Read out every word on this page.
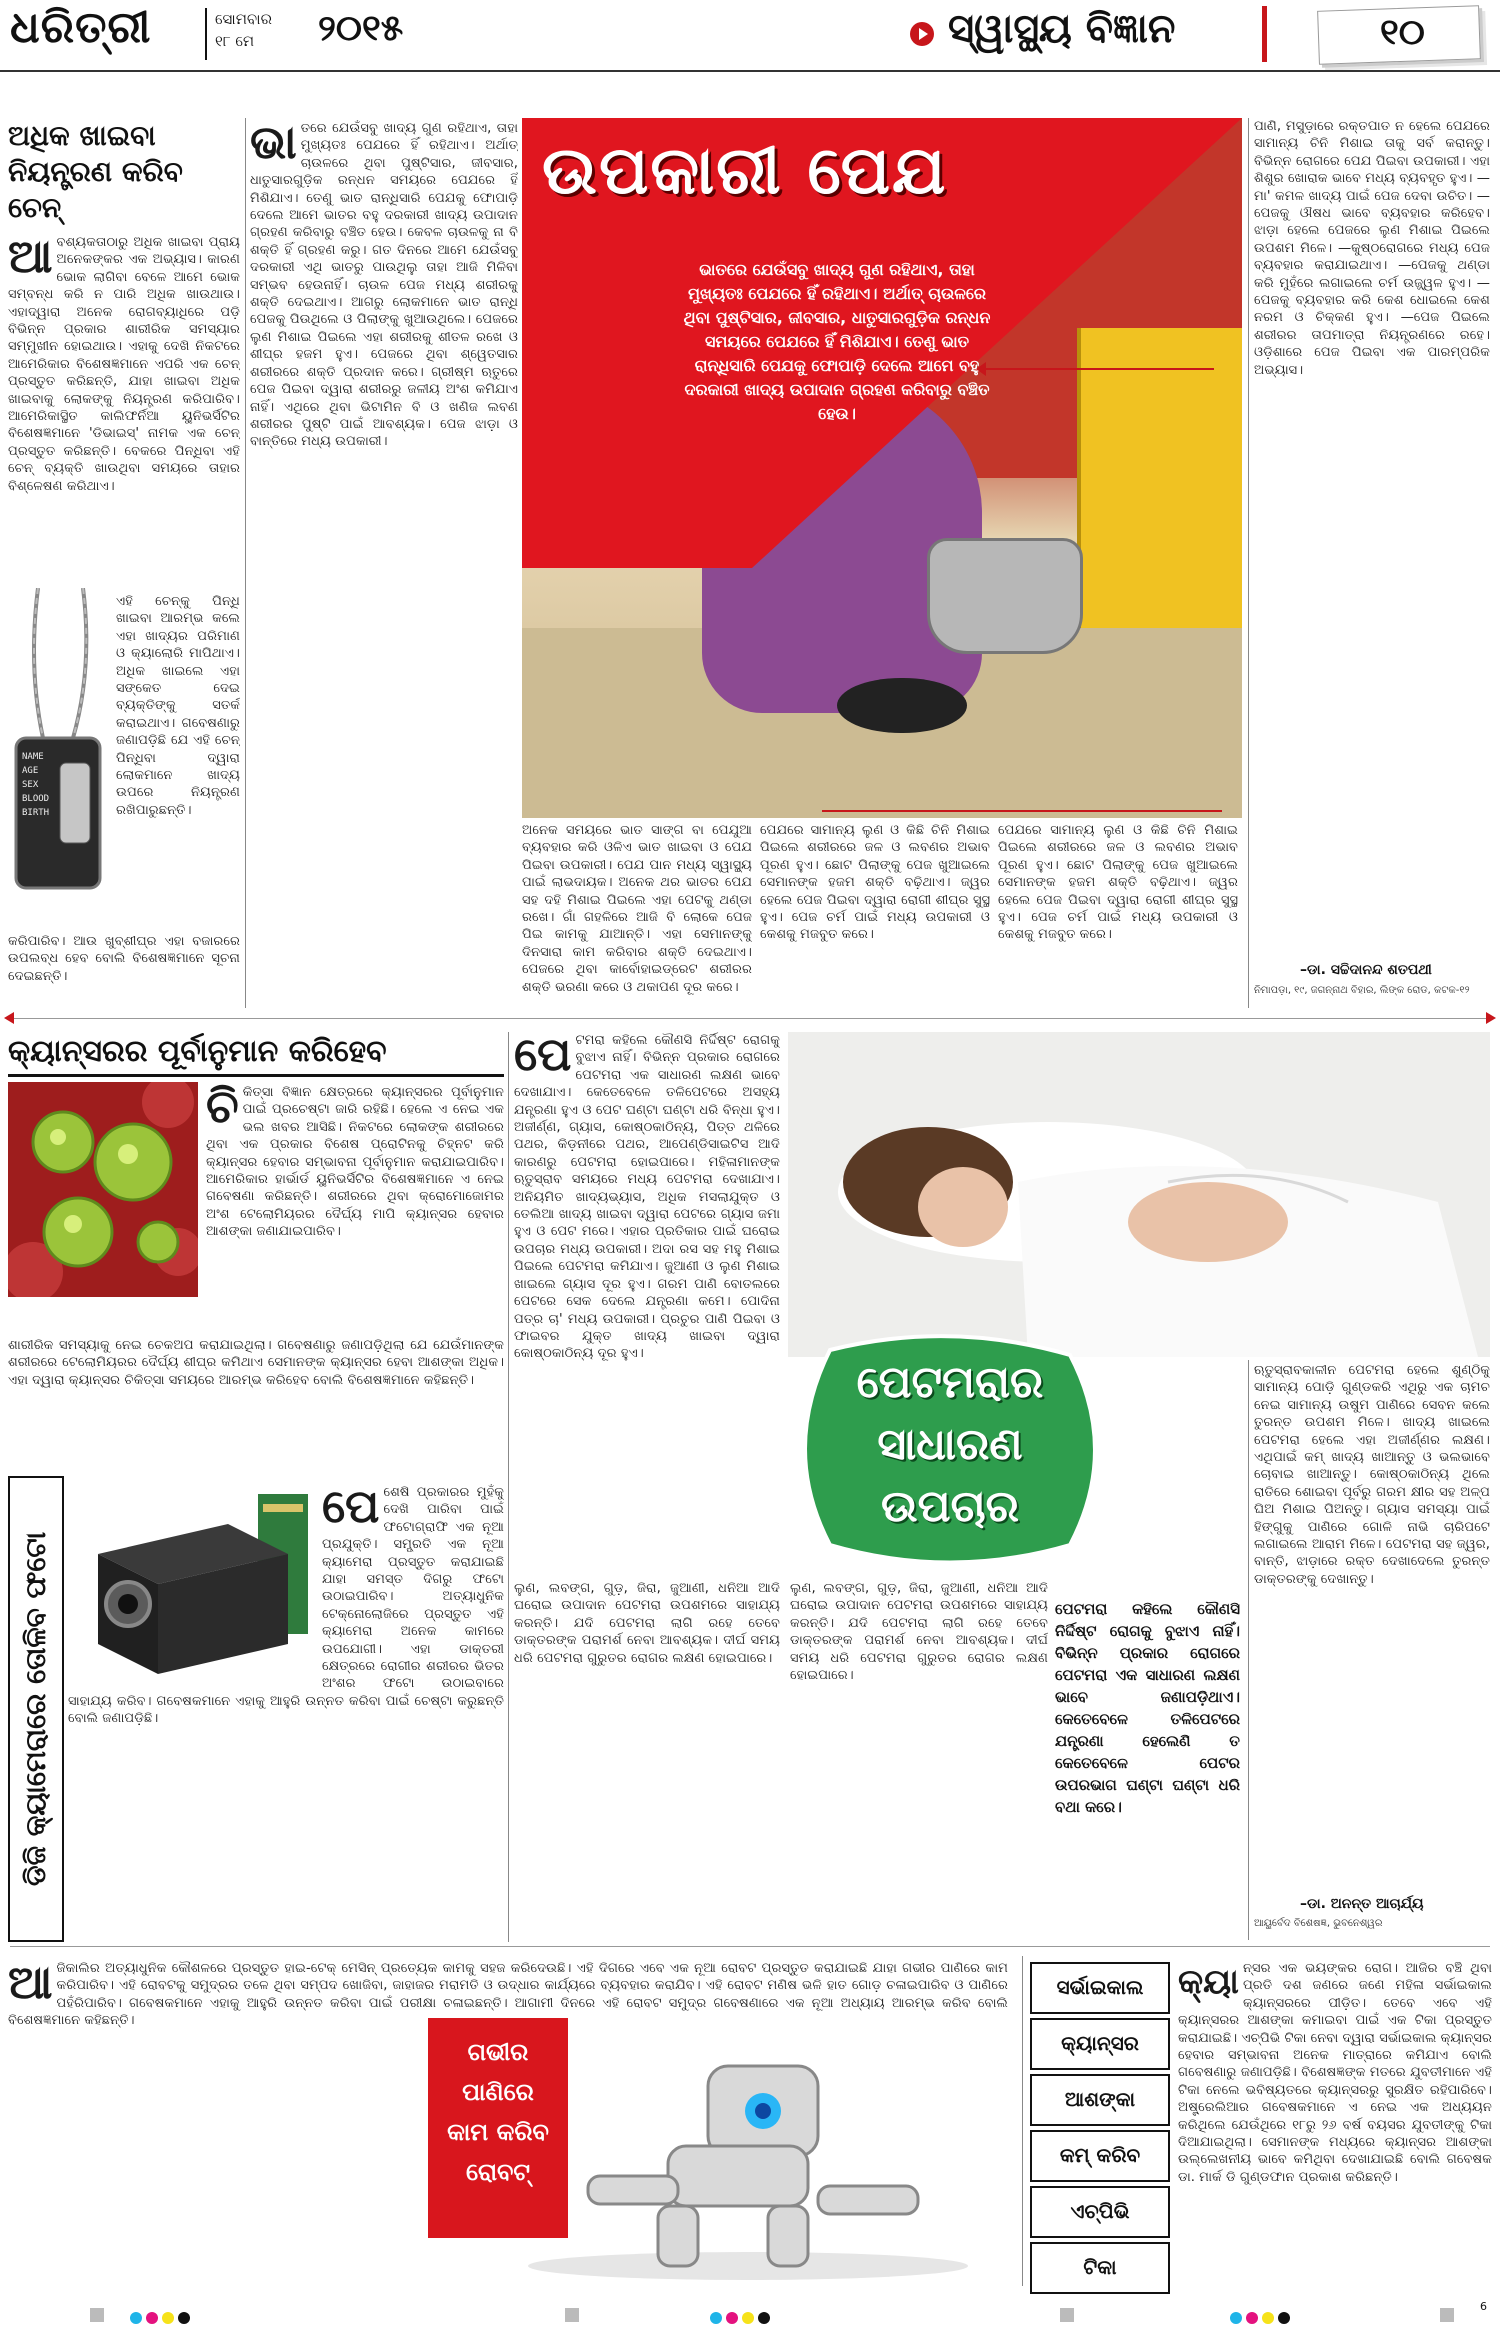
ଧରିତ୍ରୀ	ସୋମବାର
୧୮ ମେ ୨୦୧୫	ସ୍ୱାସ୍ଥ୍ୟ ବିଜ୍ଞାନ	୧୦
ଅଧିକ ଖାଇବା
ନିୟନ୍ତ୍ରଣ କରିବ ଚେନ୍
ଆ ବଶ୍ୟକତାଠାରୁ ଅଧିକ ଖାଇବା ପ୍ରାୟ ଅନେକଙ୍କର ଏକ ଅଭ୍ୟାସ। କାରଣ ଭୋକ ଲାଗିବା ବେଳେ ଆମେ ଭୋକ ସମ୍ବନ୍ଧ କରି ନ ପାରି ଅଧିକ ଖାଉଥାଉ। ଏହାଦ୍ୱାରା ଅନେକ ରୋଗବ୍ୟାଧିରେ ପଡ଼ି ବିଭିନ୍ନ ପ୍ରକାର ଶାରୀରିକ ସମସ୍ୟାର ସମ୍ମୁଖୀନ ହୋଇଥାଉ। ଏହାକୁ ଦେଖି ନିକଟରେ ଆମେରିକାର ବିଶେଷଜ୍ଞମାନେ ଏପରି ଏକ ଚେନ୍ ପ୍ରସ୍ତୁତ କରିଛନ୍ତି, ଯାହା ଖାଇବା ଅଧିକ ଖାଇବାକୁ ଲୋକଙ୍କୁ ନିୟନ୍ତ୍ରଣ କରିପାରିବ। ଆମେରିକାସ୍ଥିତ କାଲିଫର୍ନିଆ ୟୁନିଭର୍ସିଟିର ବିଶେଷଜ୍ଞମାନେ 'ଡିଭାଇସ୍' ନାମକ ଏକ ଚେନ୍ ପ୍ରସ୍ତୁତ କରିଛନ୍ତି। ବେକରେ ପିନ୍ଧିବା ଏହି ଚେନ୍ ବ୍ୟକ୍ତି ଖାଉଥିବା ସମୟରେ ତାହାର ବିଶ୍ଳେଷଣ କରିଥାଏ।
NAME
AGE
SEX
BLOOD
BIRTH
ଏହି ଚେନ୍‌କୁ ପିନ୍ଧି ଖାଇବା ଆରମ୍ଭ କଲେ ଏହା ଖାଦ୍ୟର ପରିମାଣ ଓ କ୍ୟାଲୋରି ମାପିଥାଏ। ଅଧିକ ଖାଇଲେ ଏହା ସଙ୍କେତ ଦେଇ ବ୍ୟକ୍ତିଙ୍କୁ ସତର୍କ କରାଇଥାଏ। ଗବେଷଣାରୁ ଜଣାପଡ଼ିଛି ଯେ ଏହି ଚେନ୍ ପିନ୍ଧିବା ଦ୍ୱାରା ଲୋକମାନେ ଖାଦ୍ୟ ଉପରେ ନିୟନ୍ତ୍ରଣ ରଖିପାରୁଛନ୍ତି।
କରିପାରିବ। ଆଉ ଖୁବ୍‌ଶୀଘ୍ର ଏହା ବଜାରରେ ଉପଲବ୍ଧ ହେବ ବୋଲି ବିଶେଷଜ୍ଞମାନେ ସୂଚନା ଦେଇଛନ୍ତି।
ଭା ତରେ ଯେଉଁସବୁ ଖାଦ୍ୟ ଗୁଣ ରହିଥାଏ, ତାହା ମୁଖ୍ୟତଃ ପେଯରେ ହିଁ ରହିଥାଏ। ଅର୍ଥାତ୍ ଚାଉଳରେ ଥିବା ପୁଷ୍ଟିସାର, ଜୀବସାର, ଧାତୁସାରଗୁଡ଼ିକ ରନ୍ଧନ ସମୟରେ ପେଯରେ ହିଁ ମିଶିଯାଏ। ତେଣୁ ଭାତ ରାନ୍ଧିସାରି ପେଯକୁ ଫୋପାଡ଼ି ଦେଲେ ଆମେ ଭାତର ବହୁ ଦରକାରୀ ଖାଦ୍ୟ ଉପାଦାନ ଗ୍ରହଣ କରିବାରୁ ବଞ୍ଚିତ ହେଉ। କେବଳ ଚାଉଳକୁ ନା ବି ଶକ୍ତି ହିଁ ଗ୍ରହଣ କରୁ। ଗତ ଦିନରେ ଆମେ ଯେଉଁସବୁ ଦରକାରୀ ଏଥି ଭାତରୁ ପାଉଥିଲୁ ତାହା ଆଜି ମିଳିବା ସମ୍ଭବ ହେଉନାହିଁ। ଚାଉଳ ପେଜ ମଧ୍ୟ ଶରୀରକୁ ଶକ୍ତି ଦେଇଥାଏ। ଆଗରୁ ଲୋକମାନେ ଭାତ ରାନ୍ଧି ପେଜକୁ ପିଉଥିଲେ ଓ ପିଲାଙ୍କୁ ଖୁଆଉଥିଲେ। ପେଜରେ ଲୁଣ ମିଶାଇ ପିଇଲେ ଏହା ଶରୀରକୁ ଶୀତଳ ରଖେ ଓ ଶୀଘ୍ର ହଜମ ହୁଏ। ପେଜରେ ଥିବା ଶ୍ୱେତସାର ଶରୀରରେ ଶକ୍ତି ପ୍ରଦାନ କରେ। ଗ୍ରୀଷ୍ମ ଋତୁରେ ପେଜ ପିଇବା ଦ୍ୱାରା ଶରୀରରୁ ଜଳୀୟ ଅଂଶ କମିଯାଏ ନାହିଁ। ଏଥିରେ ଥିବା ଭିଟାମିନ ବି ଓ ଖଣିଜ ଲବଣ ଶରୀରର ପୁଷ୍ଟି ପାଇଁ ଆବଶ୍ୟକ। ପେଜ ଝାଡ଼ା ଓ ବାନ୍ତିରେ ମଧ୍ୟ ଉପକାରୀ।
ଉପକାରୀ ପେଯ
ଭାତରେ ଯେଉଁସବୁ ଖାଦ୍ୟ ଗୁଣ ରହିଥାଏ, ତାହା ମୁଖ୍ୟତଃ ପେଯରେ ହିଁ ରହିଥାଏ। ଅର୍ଥାତ୍ ଚାଉଳରେ ଥିବା ପୁଷ୍ଟିସାର, ଜୀବସାର, ଧାତୁସାରଗୁଡ଼ିକ ରନ୍ଧନ ସମୟରେ ପେଯରେ ହିଁ ମିଶିଯାଏ। ତେଣୁ ଭାତ ରାନ୍ଧିସାରି ପେଯକୁ ଫୋପାଡ଼ି ଦେଲେ ଆମେ ବହୁ ଦରକାରୀ ଖାଦ୍ୟ ଉପାଦାନ ଗ୍ରହଣ କରିବାରୁ ବଞ୍ଚିତ ହେଉ।
ଅନେକ ସମୟରେ ଭାତ ସାଙ୍ଗ ବା ପେଯୁଆ ବ୍ୟବହାର କରି ଓଳିଏ ଭାତ ଖାଇବା ଓ ପେଯ ପିଇବା ଉପକାରୀ। ପେଯ ପାନ ମଧ୍ୟ ସ୍ୱାସ୍ଥ୍ୟ ପାଇଁ ଲାଭଦାୟକ। ଅନେକ ଥର ଭାତର ପେଯ ସହ ଦହି ମିଶାଇ ପିଇଲେ ଏହା ପେଟକୁ ଥଣ୍ଡା ରଖେ। ଗାଁ ଗହଳିରେ ଆଜି ବି ଲୋକେ ପେଜ ପିଇ କାମକୁ ଯାଆନ୍ତି। ଏହା ସେମାନଙ୍କୁ ଦିନସାରା କାମ କରିବାର ଶକ୍ତି ଦେଇଥାଏ। ପେଜରେ ଥିବା କାର୍ବୋହାଇଡ୍ରେଟ ଶରୀରର ଶକ୍ତି ଭରଣା କରେ ଓ ଥକାପଣ ଦୂର କରେ।
ପେଯରେ ସାମାନ୍ୟ ଲୁଣ ଓ କିଛି ଚିନି ମିଶାଇ ପିଇଲେ ଶରୀରରେ ଜଳ ଓ ଲବଣର ଅଭାବ ପୂରଣ ହୁଏ। ଛୋଟ ପିଲାଙ୍କୁ ପେଜ ଖୁଆଇଲେ ସେମାନଙ୍କ ହଜମ ଶକ୍ତି ବଢ଼ିଥାଏ। ଜ୍ୱର ହେଲେ ପେଜ ପିଇବା ଦ୍ୱାରା ରୋଗୀ ଶୀଘ୍ର ସୁସ୍ଥ ହୁଏ। ପେଜ ଚର୍ମ ପାଇଁ ମଧ୍ୟ ଉପକାରୀ ଓ କେଶକୁ ମଜବୁତ କରେ।
ପେଯରେ ସାମାନ୍ୟ ଲୁଣ ଓ କିଛି ଚିନି ମିଶାଇ ପିଇଲେ ଶରୀରରେ ଜଳ ଓ ଲବଣର ଅଭାବ ପୂରଣ ହୁଏ। ଛୋଟ ପିଲାଙ୍କୁ ପେଜ ଖୁଆଇଲେ ସେମାନଙ୍କ ହଜମ ଶକ୍ତି ବଢ଼ିଥାଏ। ଜ୍ୱର ହେଲେ ପେଜ ପିଇବା ଦ୍ୱାରା ରୋଗୀ ଶୀଘ୍ର ସୁସ୍ଥ ହୁଏ। ପେଜ ଚର୍ମ ପାଇଁ ମଧ୍ୟ ଉପକାରୀ ଓ କେଶକୁ ମଜବୁତ କରେ।
ପାଣି, ମସୁଡ଼ାରେ ରକ୍ତପାତ ନ ହେଲେ ପେଯରେ ସାମାନ୍ୟ ଚିନି ମିଶାଇ ତାକୁ ସର୍ବ କରାନ୍ତୁ। ବିଭିନ୍ନ ରୋଗରେ ପେଯ ପିଇବା ଉପକାରୀ। ଏହା ଶିଶୁର ଖୋରାକ ଭାବେ ମଧ୍ୟ ବ୍ୟବହୃତ ହୁଏ। —ମା' କମଳ ଖାଦ୍ୟ ପାଇଁ ପେଜ ଦେବା ଉଚିତ। —ପେଜକୁ ଔଷଧ ଭାବେ ବ୍ୟବହାର କରିହେବ। ଝାଡ଼ା ହେଲେ ପେଜରେ ଲୁଣ ମିଶାଇ ପିଇଲେ ଉପଶମ ମିଳେ। —କୁଷ୍ଠରୋଗରେ ମଧ୍ୟ ପେଜ ବ୍ୟବହାର କରାଯାଇଥାଏ। —ପେଜକୁ ଥଣ୍ଡା କରି ମୁହଁରେ ଲଗାଇଲେ ଚର୍ମ ଉଜ୍ଜ୍ୱଳ ହୁଏ। —ପେଜକୁ ବ୍ୟବହାର କରି କେଶ ଧୋଇଲେ କେଶ ନରମ ଓ ଚିକ୍କଣ ହୁଏ। —ପେଜ ପିଇଲେ ଶରୀରର ତାପମାତ୍ରା ନିୟନ୍ତ୍ରଣରେ ରହେ। ଓଡ଼ିଶାରେ ପେଜ ପିଇବା ଏକ ପାରମ୍ପରିକ ଅଭ୍ୟାସ।
–ଡା. ସଚ୍ଚିଦାନନ୍ଦ ଶତପଥୀ
ନିମାପଡ଼ା, ୧୯, ଜଗନ୍ନାଥ ବିହାର, ଲିଙ୍କ ରୋଡ, କଟକ-୧୨
କ୍ୟାନ୍ସରର ପୂର୍ବାନୁମାନ କରିହେବ
ଚି କିତ୍ସା ବିଜ୍ଞାନ କ୍ଷେତ୍ରରେ କ୍ୟାନ୍ସରର ପୂର୍ବାନୁମାନ ପାଇଁ ପ୍ରଚେଷ୍ଟା ଜାରି ରହିଛି। ହେଲେ ଏ ନେଇ ଏକ ଭଲ ଖବର ଆସିଛି। ନିକଟରେ ଲୋକଙ୍କ ଶରୀରରେ ଥିବା ଏକ ପ୍ରକାର ବିଶେଷ ପ୍ରୋଟିନକୁ ଚିହ୍ନଟ କରି କ୍ୟାନ୍ସର ହେବାର ସମ୍ଭାବନା ପୂର୍ବାନୁମାନ କରାଯାଇପାରିବ। ଆମେରିକାର ହାର୍ଭାର୍ଡ ୟୁନିଭର୍ସିଟିର ବିଶେଷଜ୍ଞମାନେ ଏ ନେଇ ଗବେଷଣା କରିଛନ୍ତି। ଶରୀରରେ ଥିବା କ୍ରୋମୋଜୋମର ଅଂଶ ଟେଲୋମିୟରର ଦୈର୍ଘ୍ୟ ମାପି କ୍ୟାନ୍ସର ହେବାର ଆଶଙ୍କା ଜଣାଯାଇପାରିବ।
ଶାରୀରିକ ସମସ୍ୟାକୁ ନେଇ ଚେକଅପ କରାଯାଇଥିଲା। ଗବେଷଣାରୁ ଜଣାପଡ଼ିଥିଲା ଯେ ଯେଉଁମାନଙ୍କ ଶରୀରରେ ଟେଲୋମିୟରର ଦୈର୍ଘ୍ୟ ଶୀଘ୍ର କମିଥାଏ ସେମାନଙ୍କ କ୍ୟାନ୍ସର ହେବା ଆଶଙ୍କା ଅଧିକ। ଏହା ଦ୍ୱାରା କ୍ୟାନ୍ସର ଚିକିତ୍ସା ସମୟରେ ଆରମ୍ଭ କରିହେବ ବୋଲି ବିଶେଷଜ୍ଞମାନେ କହିଛନ୍ତି।
ଡିଜି କ୍ୟାମେରାରେ ତୋଳିବ ଫଟୋ
ପେ ଶେଷି ପ୍ରକାରର ମୁହଁକୁ ଦେଖି ପାରିବା ପାଇଁ ଫଟୋଗ୍ରାଫି ଏକ ନୂଆ ପ୍ରଯୁକ୍ତି। ସମ୍ପ୍ରତି ଏକ ନୂଆ କ୍ୟାମେରା ପ୍ରସ୍ତୁତ କରାଯାଇଛି ଯାହା ସମସ୍ତ ଦିଗରୁ ଫଟୋ ଉଠାଇପାରିବ। ଅତ୍ୟାଧୁନିକ ଟେକ୍ନୋଲୋଜିରେ ପ୍ରସ୍ତୁତ ଏହି କ୍ୟାମେରା ଅନେକ କାମରେ ଉପଯୋଗୀ। ଏହା ଡାକ୍ତରୀ କ୍ଷେତ୍ରରେ ରୋଗୀର ଶରୀରର ଭିତର ଅଂଶର ଫଟୋ ଉଠାଇବାରେ ସାହାଯ୍ୟ କରିବ। ଗବେଷକମାନେ ଏହାକୁ ଆହୁରି ଉନ୍ନତ କରିବା ପାଇଁ ଚେଷ୍ଟା କରୁଛନ୍ତି ବୋଲି ଜଣାପଡ଼ିଛି।
ପେ ଟମରା କହିଲେ କୌଣସି ନିର୍ଦ୍ଦିଷ୍ଟ ରୋଗକୁ ବୁଝାଏ ନାହିଁ। ବିଭିନ୍ନ ପ୍ରକାର ରୋଗରେ ପେଟମରା ଏକ ସାଧାରଣ ଲକ୍ଷଣ ଭାବେ ଦେଖାଯାଏ। କେତେବେଳେ ତଳିପେଟରେ ଅସହ୍ୟ ଯନ୍ତ୍ରଣା ହୁଏ ଓ ପେଟ ଘଣ୍ଟା ଘଣ୍ଟା ଧରି ବିନ୍ଧା ହୁଏ। ଅଜୀର୍ଣ୍ଣ, ଗ୍ୟାସ, କୋଷ୍ଠକାଠିନ୍ୟ, ପିତ୍ତ ଥଳିରେ ପଥର, କିଡ଼ନୀରେ ପଥର, ଆପେଣ୍ଡିସାଇଟିସ ଆଦି କାରଣରୁ ପେଟମରା ହୋଇପାରେ। ମହିଳାମାନଙ୍କ ଋତୁସ୍ରାବ ସମୟରେ ମଧ୍ୟ ପେଟମରା ଦେଖାଯାଏ। ଅନିୟମିତ ଖାଦ୍ୟଭ୍ୟାସ, ଅଧିକ ମସଲାଯୁକ୍ତ ଓ ତେଲିଆ ଖାଦ୍ୟ ଖାଇବା ଦ୍ୱାରା ପେଟରେ ଗ୍ୟାସ ଜମା ହୁଏ ଓ ପେଟ ମରେ। ଏହାର ପ୍ରତିକାର ପାଇଁ ଘରୋଇ ଉପଚାର ମଧ୍ୟ ଉପକାରୀ। ଅଦା ରସ ସହ ମହୁ ମିଶାଇ ପିଇଲେ ପେଟମରା କମିଯାଏ। ଜୁଆଣୀ ଓ ଲୁଣ ମିଶାଇ ଖାଇଲେ ଗ୍ୟାସ ଦୂର ହୁଏ। ଗରମ ପାଣି ବୋତଲରେ ପେଟରେ ସେକ ଦେଲେ ଯନ୍ତ୍ରଣା କମେ। ପୋଦିନା ପତ୍ର ଚା' ମଧ୍ୟ ଉପକାରୀ। ପ୍ରଚୁର ପାଣି ପିଇବା ଓ ଫାଇବର ଯୁକ୍ତ ଖାଦ୍ୟ ଖାଇବା ଦ୍ୱାରା କୋଷ୍ଠକାଠିନ୍ୟ ଦୂର ହୁଏ।
ପେଟମରାର ସାଧାରଣ ଉପଚାର
ଲୁଣ, ଲବଙ୍ଗ, ଗୁଡ଼, ଜିରା, ଜୁଆଣୀ, ଧନିଆ ଆଦି ଘରୋଇ ଉପାଦାନ ପେଟମରା ଉପଶମରେ ସାହାଯ୍ୟ କରନ୍ତି। ଯଦି ପେଟମରା ଲାଗି ରହେ ତେବେ ଡାକ୍ତରଙ୍କ ପରାମର୍ଶ ନେବା ଆବଶ୍ୟକ। ଦୀର୍ଘ ସମୟ ଧରି ପେଟମରା ଗୁରୁତର ରୋଗର ଲକ୍ଷଣ ହୋଇପାରେ।
ପେଟମରା କହିଲେ କୌଣସି ନିର୍ଦ୍ଦିଷ୍ଟ ରୋଗକୁ ବୁଝାଏ ନାହିଁ। ବିଭିନ୍ନ ପ୍ରକାର ରୋଗରେ ପେଟମରା ଏକ ସାଧାରଣ ଲକ୍ଷଣ ଭାବେ ଜଣାପଡ଼ିଥାଏ। କେତେବେଳେ ତଳିପେଟରେ ଯନ୍ତ୍ରଣା ହେଲେଣି ତ କେତେବେଳେ ପେଟର ଉପରଭାଗ ଘଣ୍ଟା ଘଣ୍ଟା ଧରି ବଥା କରେ।
ଲୁଣ, ଲବଙ୍ଗ, ଗୁଡ଼, ଜିରା, ଜୁଆଣୀ, ଧନିଆ ଆଦି ଘରୋଇ ଉପାଦାନ ପେଟମରା ଉପଶମରେ ସାହାଯ୍ୟ କରନ୍ତି। ଯଦି ପେଟମରା ଲାଗି ରହେ ତେବେ ଡାକ୍ତରଙ୍କ ପରାମର୍ଶ ନେବା ଆବଶ୍ୟକ। ଦୀର୍ଘ ସମୟ ଧରି ପେଟମରା ଗୁରୁତର ରୋଗର ଲକ୍ଷଣ ହୋଇପାରେ।
ଋତୁସ୍ରାବକାଳୀନ ପେଟମରା ହେଲେ ଶୁଣ୍ଠିକୁ ସାମାନ୍ୟ ପୋଡ଼ି ଗୁଣ୍ଡକରି ଏଥିରୁ ଏକ ଚାମଚ ନେଇ ସାମାନ୍ୟ ଉଷୁମ ପାଣିରେ ସେବନ କଲେ ତୁରନ୍ତ ଉପଶମ ମିଳେ। ଖାଦ୍ୟ ଖାଇଲେ ପେଟମରା ହେଲେ ଏହା ଅଜୀର୍ଣ୍ଣର ଲକ୍ଷଣ। ଏଥିପାଇଁ କମ୍ ଖାଦ୍ୟ ଖାଆନ୍ତୁ ଓ ଭଲଭାବେ ଚୋବାଇ ଖାଆନ୍ତୁ। କୋଷ୍ଠକାଠିନ୍ୟ ଥିଲେ ରାତିରେ ଶୋଇବା ପୂର୍ବରୁ ଗରମ କ୍ଷୀର ସହ ଅଳ୍ପ ଘିଅ ମିଶାଇ ପିଅନ୍ତୁ। ଗ୍ୟାସ ସମସ୍ୟା ପାଇଁ ହିଙ୍ଗୁକୁ ପାଣିରେ ଗୋଳି ନାଭି ଚାରିପଟେ ଲଗାଇଲେ ଆରାମ ମିଳେ। ପେଟମରା ସହ ଜ୍ୱର, ବାନ୍ତି, ଝାଡ଼ାରେ ରକ୍ତ ଦେଖାଦେଲେ ତୁରନ୍ତ ଡାକ୍ତରଙ୍କୁ ଦେଖାନ୍ତୁ।
–ଡା. ଅନନ୍ତ ଆଚାର୍ଯ୍ୟ
ଆୟୁର୍ବେଦ ବିଶେଷଜ୍ଞ, ଭୁବନେଶ୍ୱର
ଆ ଜିକାଲିର ଅତ୍ୟାଧୁନିକ କୌଶଳରେ ପ୍ରସ୍ତୁତ ହାଇ-ଟେକ୍ ମେସିନ୍ ପ୍ରତ୍ୟେକ କାମକୁ ସହଜ କରିଦେଉଛି। ଏହି ଦିଗରେ ଏବେ ଏକ ନୂଆ ରୋବଟ ପ୍ରସ୍ତୁତ କରାଯାଇଛି ଯାହା ଗଭୀର ପାଣିରେ କାମ କରିପାରିବ। ଏହି ରୋବଟକୁ ସମୁଦ୍ରର ତଳେ ଥିବା ସମ୍ପଦ ଖୋଜିବା, ଜାହାଜର ମରାମତି ଓ ଉଦ୍ଧାର କାର୍ଯ୍ୟରେ ବ୍ୟବହାର କରାଯିବ। ଏହି ରୋବଟ ମଣିଷ ଭଳି ହାତ ଗୋଡ଼ ଚଳାଇପାରିବ ଓ ପାଣିରେ ପହଁରିପାରିବ। ଗବେଷକମାନେ ଏହାକୁ ଆହୁରି ଉନ୍ନତ କରିବା ପାଇଁ ପରୀକ୍ଷା ଚଳାଇଛନ୍ତି। ଆଗାମୀ ଦିନରେ ଏହି ରୋବଟ ସମୁଦ୍ର ଗବେଷଣାରେ ଏକ ନୂଆ ଅଧ୍ୟାୟ ଆରମ୍ଭ କରିବ ବୋଲି ବିଶେଷଜ୍ଞମାନେ କହିଛନ୍ତି।
ଗଭୀର ପାଣିରେ କାମ କରିବ ରୋବଟ୍
ସର୍ଭାଇକାଲ
କ୍ୟାନ୍ସର
ଆଶଙ୍କା
କମ୍ କରିବ
ଏଚ୍‌ପିଭି
ଟିକା
କ୍ୟା ନ୍ସର ଏକ ଭୟଙ୍କର ରୋଗ। ଆଜିର ବଞ୍ଚି ଥିବା ପ୍ରତି ଦଶ ଜଣରେ ଜଣେ ମହିଳା ସର୍ଭାଇକାଲ କ୍ୟାନ୍ସରରେ ପୀଡ଼ିତ। ତେବେ ଏବେ ଏହି କ୍ୟାନ୍ସରର ଆଶଙ୍କା କମାଇବା ପାଇଁ ଏକ ଟିକା ପ୍ରସ୍ତୁତ କରାଯାଇଛି। ଏଚ୍‌ପିଭି ଟିକା ନେବା ଦ୍ୱାରା ସର୍ଭାଇକାଲ କ୍ୟାନ୍ସର ହେବାର ସମ୍ଭାବନା ଅନେକ ମାତ୍ରାରେ କମିଯାଏ ବୋଲି ଗବେଷଣାରୁ ଜଣାପଡ଼ିଛି। ବିଶେଷଜ୍ଞଙ୍କ ମତରେ ଯୁବତୀମାନେ ଏହି ଟିକା ନେଲେ ଭବିଷ୍ୟତରେ କ୍ୟାନ୍ସରରୁ ସୁରକ୍ଷିତ ରହିପାରିବେ। ଅଷ୍ଟ୍ରେଲିଆର ଗବେଷକମାନେ ଏ ନେଇ ଏକ ଅଧ୍ୟୟନ କରିଥିଲେ ଯେଉଁଥିରେ ୧୮ରୁ ୨୬ ବର୍ଷ ବୟସର ଯୁବତୀଙ୍କୁ ଟିକା ଦିଆଯାଇଥିଲା। ସେମାନଙ୍କ ମଧ୍ୟରେ କ୍ୟାନ୍ସର ଆଶଙ୍କା ଉଲ୍ଲେଖନୀୟ ଭାବେ କମିଥିବା ଦେଖାଯାଇଛି ବୋଲି ଗବେଷକ ଡା. ମାର୍କ ଡି ଗୁଣ୍ଡଫାନ ପ୍ରକାଶ କରିଛନ୍ତି।
6
